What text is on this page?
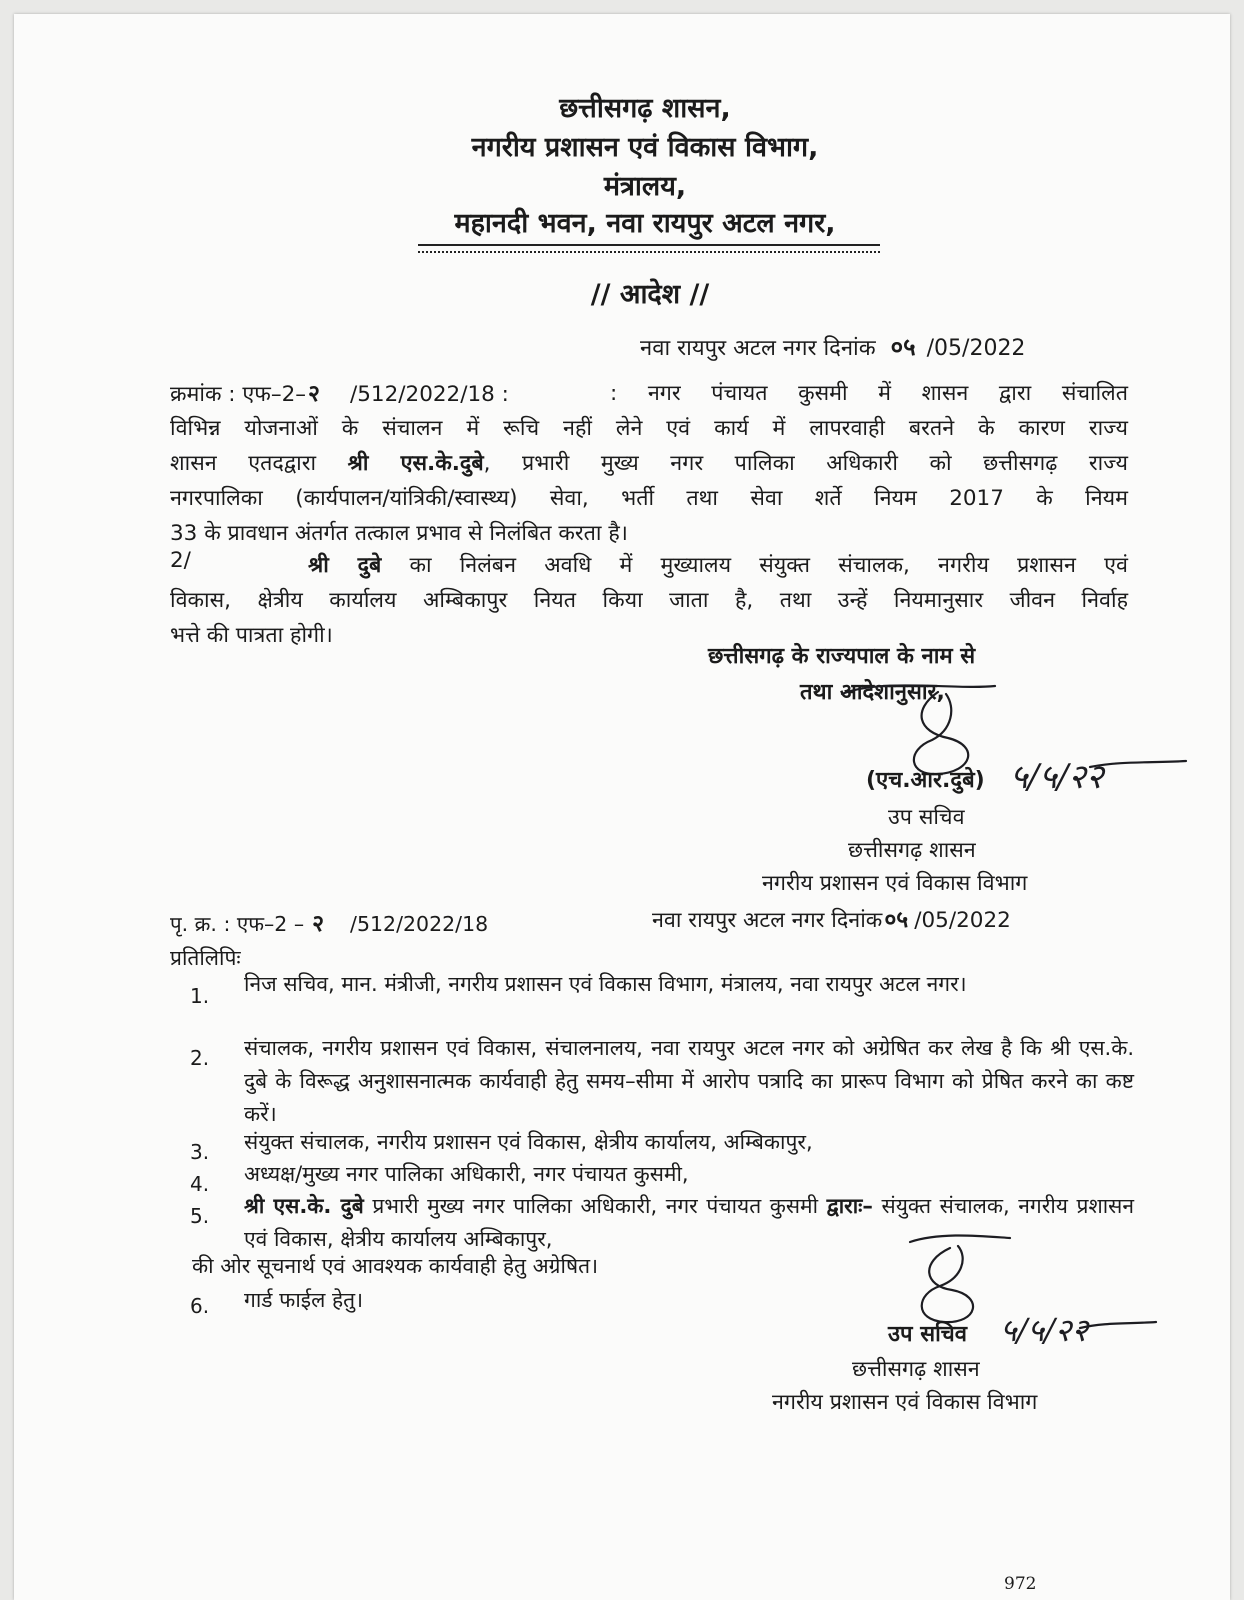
छत्तीसगढ़ शासन,
नगरीय प्रशासन एवं विकास विभाग,
मंत्रालय,
महानदी भवन, नवा रायपुर अटल नगर,
// आदेश //
नवा रायपुर अटल नगर दिनांक ०५ /05/2022
क्रमांक : एफ–2–२ /512/2022/18 :	: नगर पंचायत कुसमी में शासन द्वारा संचालित
विभिन्न योजनाओं के संचालन में रूचि नहीं लेने एवं कार्य में लापरवाही बरतने के कारण राज्य
शासन एतदद्वारा श्री एस.के.दुबे, प्रभारी मुख्य नगर पालिका अधिकारी को छत्तीसगढ़ राज्य
नगरपालिका (कार्यपालन/यांत्रिकी/स्वास्थ्य) सेवा, भर्ती तथा सेवा शर्ते नियम 2017 के नियम
33 के प्रावधान अंतर्गत तत्काल प्रभाव से निलंबित करता है।
2/	श्री दुबे का निलंबन अवधि में मुख्यालय संयुक्त संचालक, नगरीय प्रशासन एवं
विकास, क्षेत्रीय कार्यालय अम्बिकापुर नियत किया जाता है, तथा उन्हें नियमानुसार जीवन निर्वाह
भत्ते की पात्रता होगी।
छत्तीसगढ़ के राज्यपाल के नाम से
तथा आदेशानुसार,
(एच.आर.दुबे) ५/५/२२
उप सचिव
छत्तीसगढ़ शासन
नगरीय प्रशासन एवं विकास विभाग
पृ. क्र. : एफ–2 – २ /512/2022/18	नवा रायपुर अटल नगर दिनांक०५ /05/2022
प्रतिलिपिः
1. निज सचिव, मान. मंत्रीजी, नगरीय प्रशासन एवं विकास विभाग, मंत्रालय, नवा रायपुर अटल नगर।
2. संचालक, नगरीय प्रशासन एवं विकास, संचालनालय, नवा रायपुर अटल नगर को अग्रेषित कर लेख है कि श्री एस.के. दुबे के विरूद्ध अनुशासनात्मक कार्यवाही हेतु समय–सीमा में आरोप पत्रादि का प्रारूप विभाग को प्रेषित करने का कष्ट करें।
3. संयुक्त संचालक, नगरीय प्रशासन एवं विकास, क्षेत्रीय कार्यालय, अम्बिकापुर,
4. अध्यक्ष/मुख्य नगर पालिका अधिकारी, नगर पंचायत कुसमी,
5. श्री एस.के. दुबे प्रभारी मुख्य नगर पालिका अधिकारी, नगर पंचायत कुसमी द्वाराः– संयुक्त संचालक, नगरीय प्रशासन एवं विकास, क्षेत्रीय कार्यालय अम्बिकापुर,
की ओर सूचनार्थ एवं आवश्यक कार्यवाही हेतु अग्रेषित।
6. गार्ड फाईल हेतु।
उप सचिव ५/५/२२
छत्तीसगढ़ शासन
नगरीय प्रशासन एवं विकास विभाग
972
